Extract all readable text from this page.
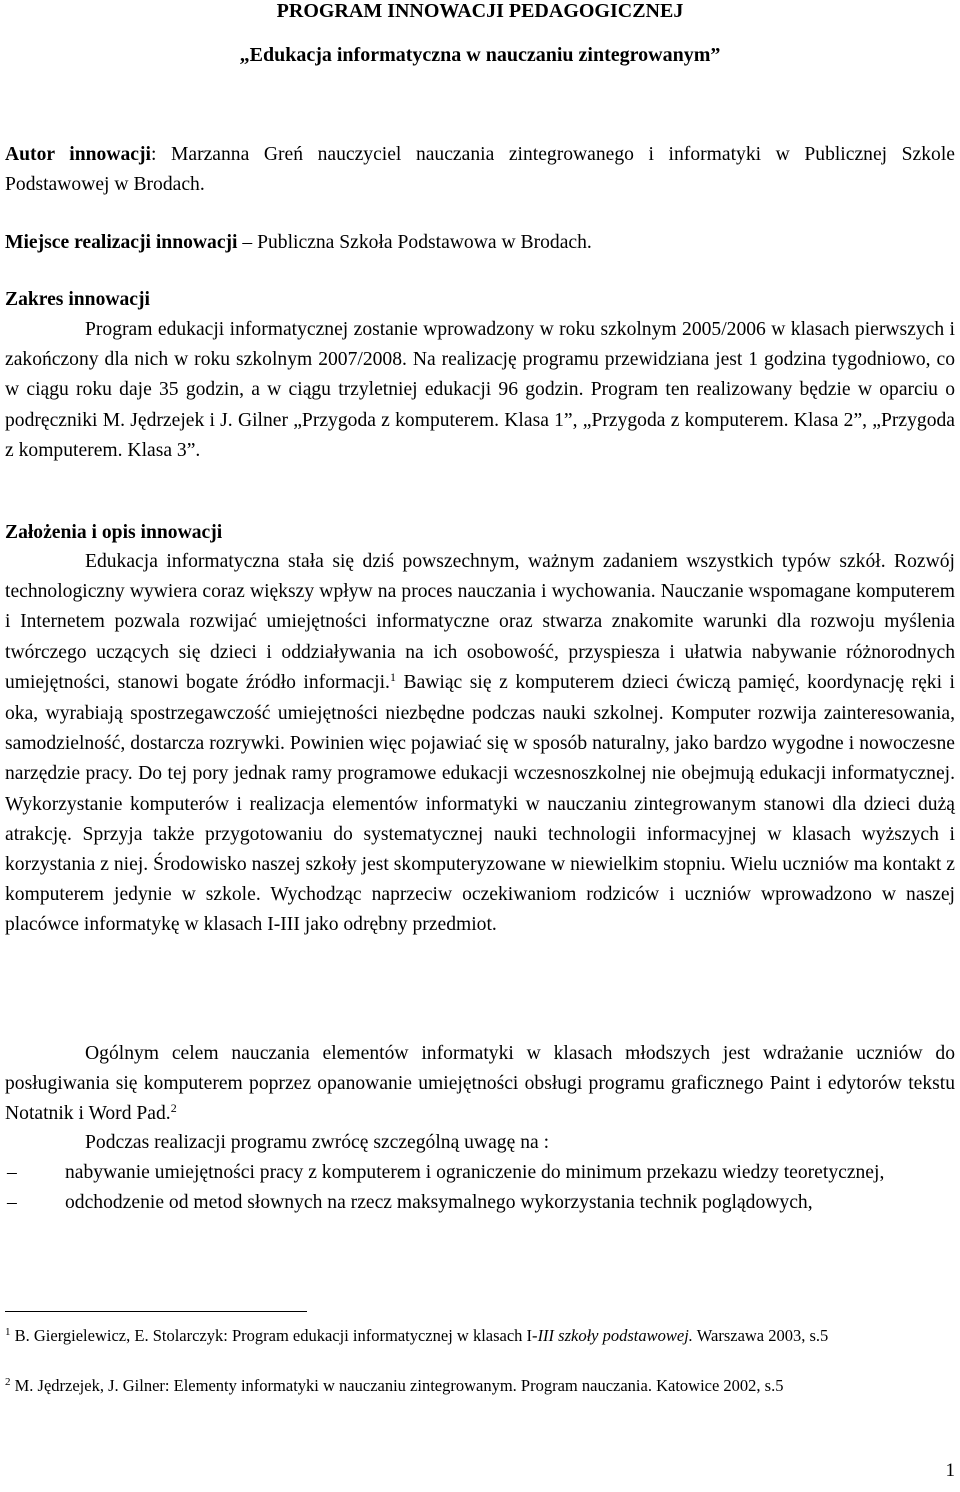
PROGRAM INNOWACJI PEDAGOGICZNEJ

„Edukacja informatyczna w nauczaniu zintegrowanym”

Autor innowacji: Marzanna Greń nauczyciel nauczania zintegrowanego i informatyki w Publicznej Szkole Podstawowej w Brodach.
Miejsce realizacji innowacji – Publiczna Szkoła Podstawowa w Brodach.
Zakres innowacji
Program edukacji informatycznej zostanie wprowadzony w roku szkolnym 2005/2006 w klasach pierwszych i zakończony dla nich w roku szkolnym 2007/2008. Na realizację programu przewidziana jest 1 godzina tygodniowo, co w ciągu roku daje 35 godzin, a w ciągu trzyletniej edukacji 96 godzin. Program ten realizowany będzie w oparciu o podręczniki M. Jędrzejek i J. Gilner „Przygoda z komputerem. Klasa 1”, „Przygoda z komputerem. Klasa 2”, „Przygoda z komputerem. Klasa 3”.
Założenia i opis innowacji
Edukacja informatyczna stała się dziś powszechnym, ważnym zadaniem wszystkich typów szkół. Rozwój technologiczny wywiera coraz większy wpływ na proces nauczania i wychowania. Nauczanie wspomagane komputerem i Internetem pozwala rozwijać umiejętności informatyczne oraz stwarza znakomite warunki dla rozwoju myślenia twórczego uczących się dzieci i oddziaływania na ich osobowość, przyspiesza i ułatwia nabywanie różnorodnych umiejętności, stanowi bogate źródło informacji.$^1$ Bawiąc się z komputerem dzieci ćwiczą pamięć, koordynację ręki i oka, wyrabiają spostrzegawczość umiejętności niezbędne podczas nauki szkolnej. Komputer rozwija zainteresowania, samodzielność, dostarcza rozrywki. Powinien więc pojawiać się w sposób naturalny, jako bardzo wygodne i nowoczesne narzędzie pracy. Do tej pory jednak ramy programowe edukacji wczesnoszkolnej nie obejmują edukacji informatycznej. Wykorzystanie komputerów i realizacja elementów informatyki w nauczaniu zintegrowanym stanowi dla dzieci dużą atrakcję. Sprzyja także przygotowaniu do systematycznej nauki technologii informacyjnej w klasach wyższych i korzystania z niej. Środowisko naszej szkoły jest skomputeryzowane w niewielkim stopniu. Wielu uczniów ma kontakt z komputerem jedynie w szkole. Wychodząc naprzeciw oczekiwaniom rodziców i uczniów wprowadzono w naszej placówce informatykę w klasach I-III jako odrębny przedmiot.
Ogólnym celem nauczania elementów informatyki w klasach młodszych jest wdrażanie uczniów do posługiwania się komputerem poprzez opanowanie umiejętności obsługi programu graficznego Paint i edytorów tekstu Notatnik i Word Pad.$^2$
Podczas realizacji programu zwrócę szczególną uwagę na :
– nabywanie umiejętności pracy z komputerem i ograniczenie do minimum przekazu wiedzy teoretycznej,
– odchodzenie od metod słownych na rzecz maksymalnego wykorzystania technik poglądowych,
$^1$ B. Giergielewicz, E. Stolarczyk: Program edukacji informatycznej w klasach I-III szkoły podstawowej. Warszawa 2003, s.5
$^2$ M. Jędrzejek, J. Gilner: Elementy informatyki w nauczaniu zintegrowanym. Program nauczania. Katowice 2002, s.5
1
